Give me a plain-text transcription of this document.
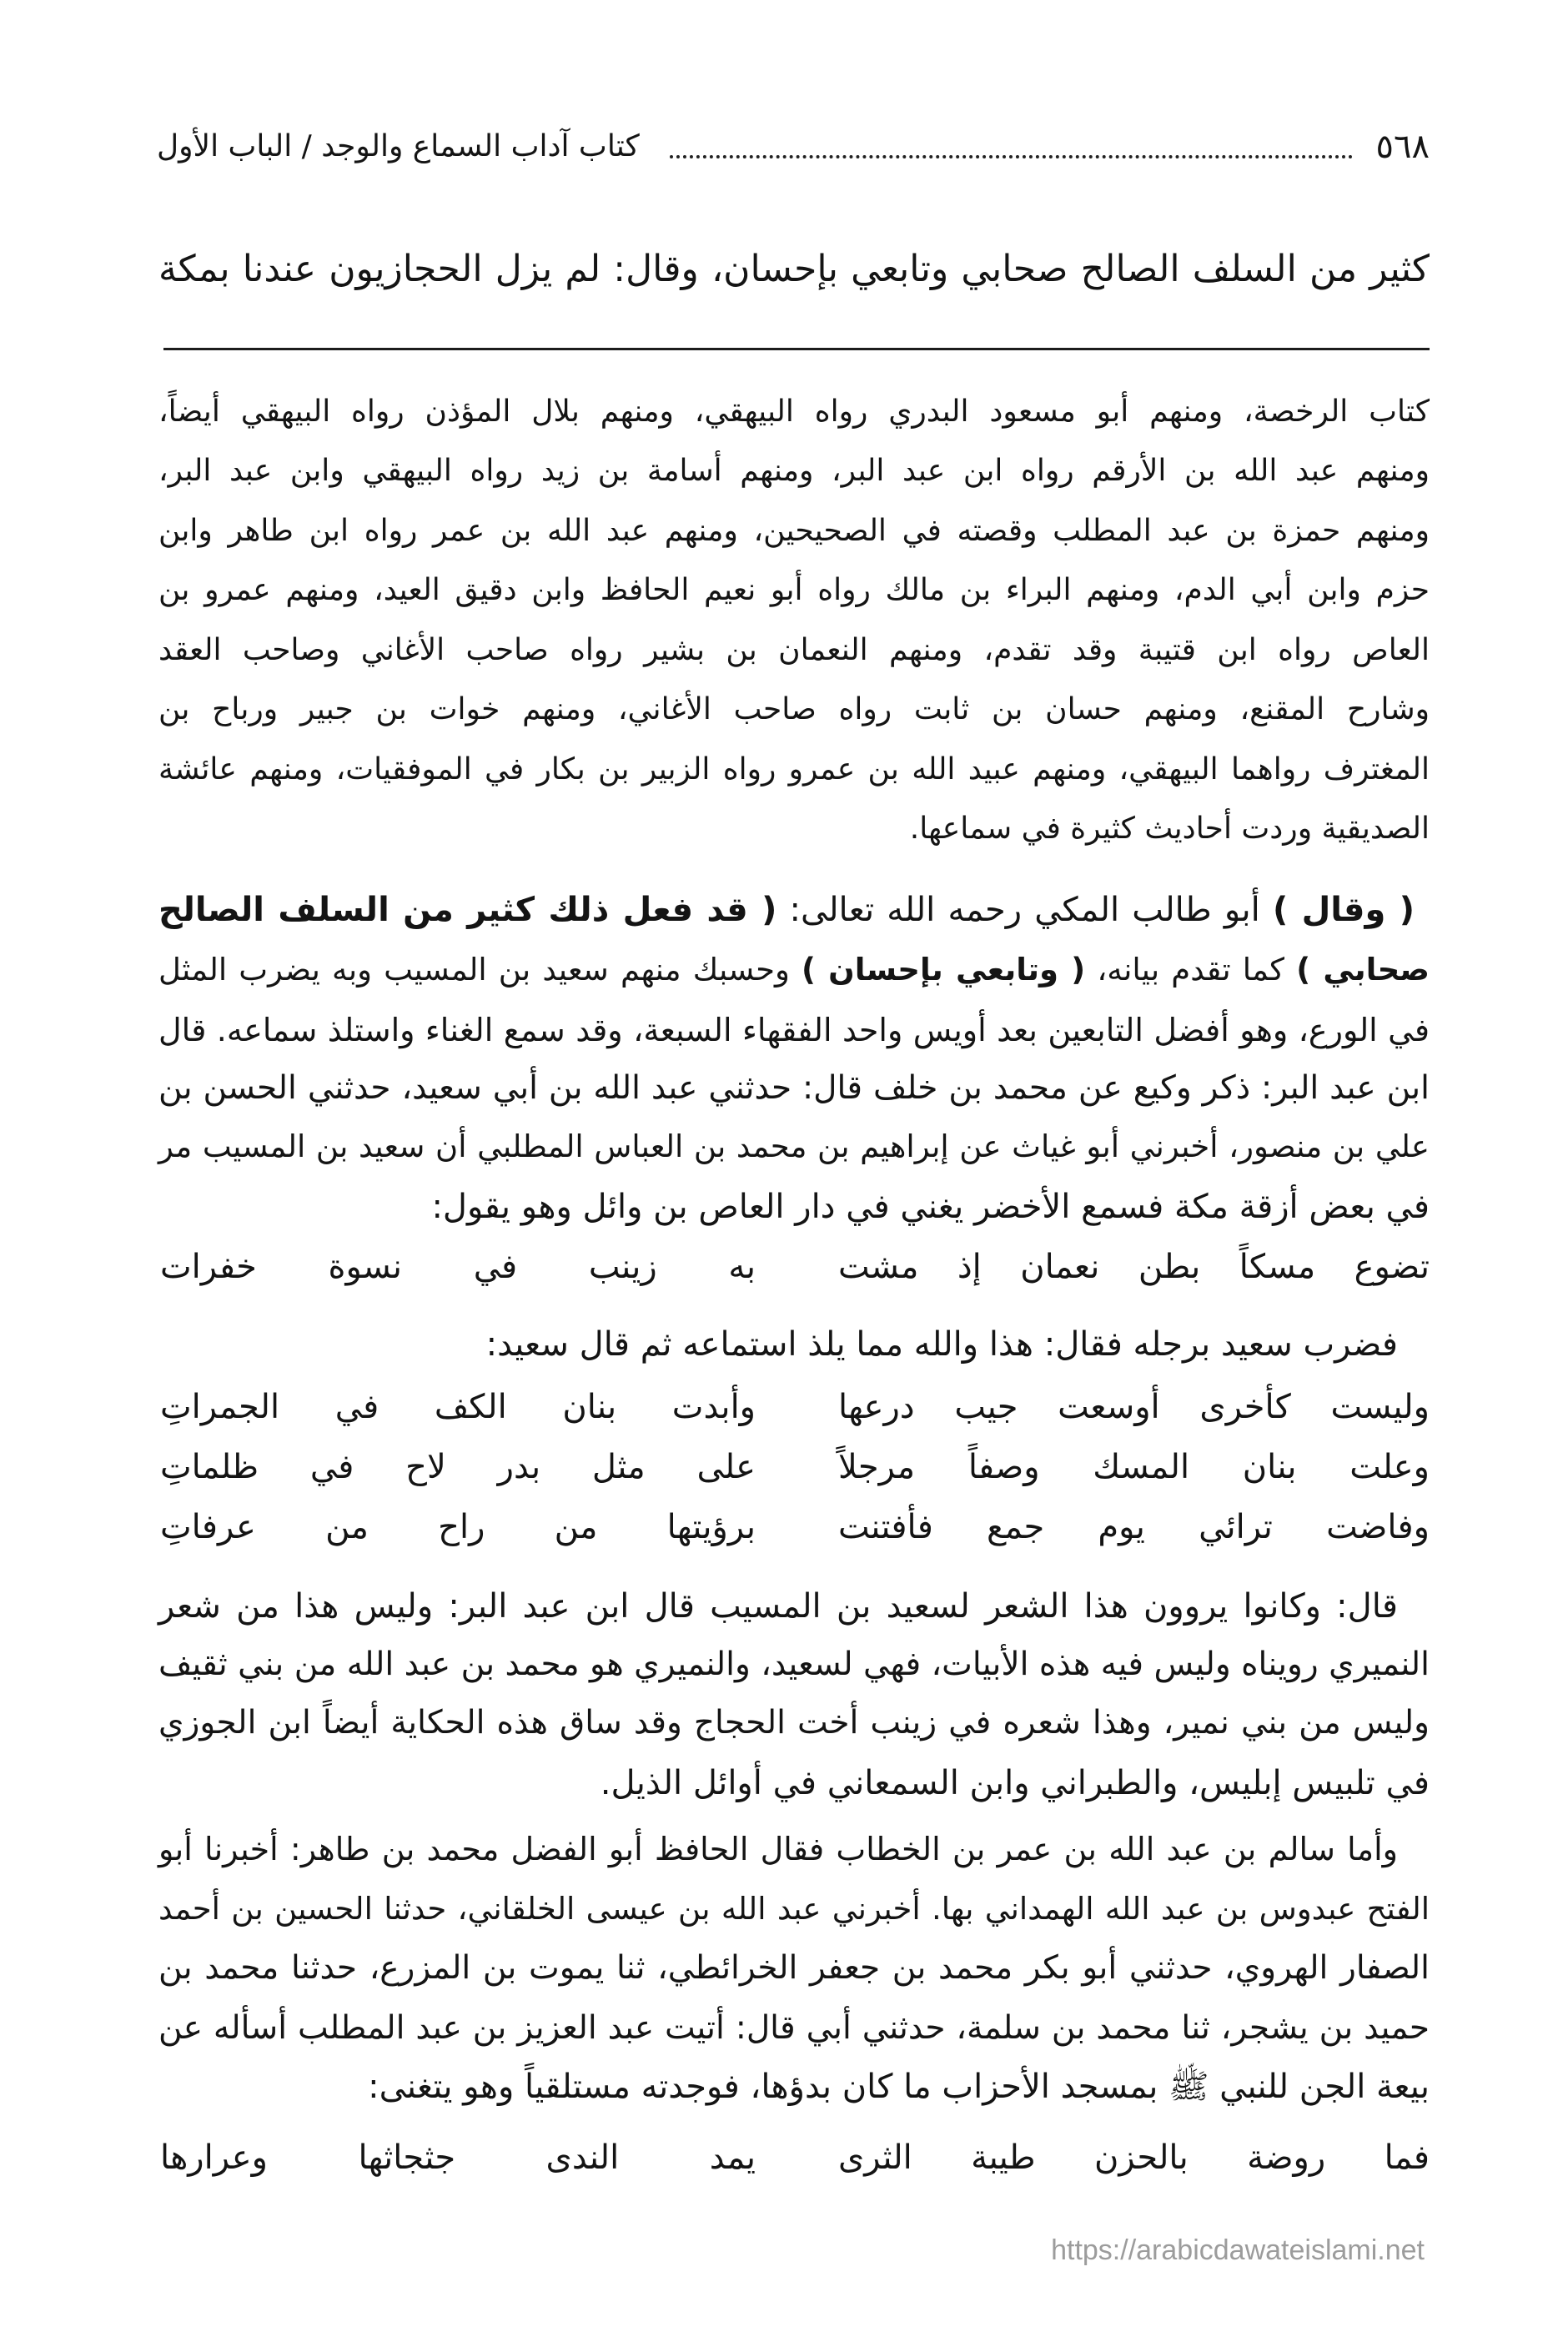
٥٦٨
كتاب آداب السماع والوجد / الباب الأول
كثير من السلف الصالح صحابي وتابعي بإحسان، وقال: لم يزل الحجازيون عندنا بمكة
كتاب الرخصة، ومنهم أبو مسعود البدري رواه البيهقي، ومنهم بلال المؤذن رواه البيهقي أيضاً،
ومنهم عبد الله بن الأرقم رواه ابن عبد البر، ومنهم أسامة بن زيد رواه البيهقي وابن عبد البر،
ومنهم حمزة بن عبد المطلب وقصته في الصحيحين، ومنهم عبد الله بن عمر رواه ابن طاهر وابن
حزم وابن أبي الدم، ومنهم البراء بن مالك رواه أبو نعيم الحافظ وابن دقيق العيد، ومنهم عمرو بن
العاص رواه ابن قتيبة وقد تقدم، ومنهم النعمان بن بشير رواه صاحب الأغاني وصاحب العقد
وشارح المقنع، ومنهم حسان بن ثابت رواه صاحب الأغاني، ومنهم خوات بن جبير ورباح بن
المغترف رواهما البيهقي، ومنهم عبيد الله بن عمرو رواه الزبير بن بكار في الموفقيات، ومنهم عائشة
الصديقية وردت أحاديث كثيرة في سماعها.
( وقال ) أبو طالب المكي رحمه الله تعالى: ( قد فعل ذلك كثير من السلف الصالح
صحابي ) كما تقدم بيانه، ( وتابعي بإحسان ) وحسبك منهم سعيد بن المسيب وبه يضرب المثل
في الورع، وهو أفضل التابعين بعد أويس واحد الفقهاء السبعة، وقد سمع الغناء واستلذ سماعه. قال
ابن عبد البر: ذكر وكيع عن محمد بن خلف قال: حدثني عبد الله بن أبي سعيد، حدثني الحسن بن
علي بن منصور، أخبرني أبو غياث عن إبراهيم بن محمد بن العباس المطلبي أن سعيد بن المسيب مر
في بعض أزقة مكة فسمع الأخضر يغني في دار العاص بن وائل وهو يقول:
تضوع مسكاً بطن نعمان إذ مشت
به زينب في نسوة خفرات
فضرب سعيد برجله فقال: هذا والله مما يلذ استماعه ثم قال سعيد:
وليست كأخرى أوسعت جيب درعها
وأبدت بنان الكف في الجمراتِ
وعلت بنان المسك وصفاً مرجلاً
على مثل بدر لاح في ظلماتِ
وفاضت ترائي يوم جمع فأفتنت
برؤيتها من راح من عرفاتِ
قال: وكانوا يروون هذا الشعر لسعيد بن المسيب قال ابن عبد البر: وليس هذا من شعر
النميري رويناه وليس فيه هذه الأبيات، فهي لسعيد، والنميري هو محمد بن عبد الله من بني ثقيف
وليس من بني نمير، وهذا شعره في زينب أخت الحجاج وقد ساق هذه الحكاية أيضاً ابن الجوزي
في تلبيس إبليس، والطبراني وابن السمعاني في أوائل الذيل.
وأما سالم بن عبد الله بن عمر بن الخطاب فقال الحافظ أبو الفضل محمد بن طاهر: أخبرنا أبو
الفتح عبدوس بن عبد الله الهمداني بها. أخبرني عبد الله بن عيسى الخلقاني، حدثنا الحسين بن أحمد
الصفار الهروي، حدثني أبو بكر محمد بن جعفر الخرائطي، ثنا يموت بن المزرع، حدثنا محمد بن
حميد بن يشجر، ثنا محمد بن سلمة، حدثني أبي قال: أتيت عبد العزيز بن عبد المطلب أسأله عن
بيعة الجن للنبي ﷺ بمسجد الأحزاب ما كان بدؤها، فوجدته مستلقياً وهو يتغنى:
فما روضة بالحزن طيبة الثرى
يمد الندى جثجاثها وعرارها
https://arabicdawateislami.net
